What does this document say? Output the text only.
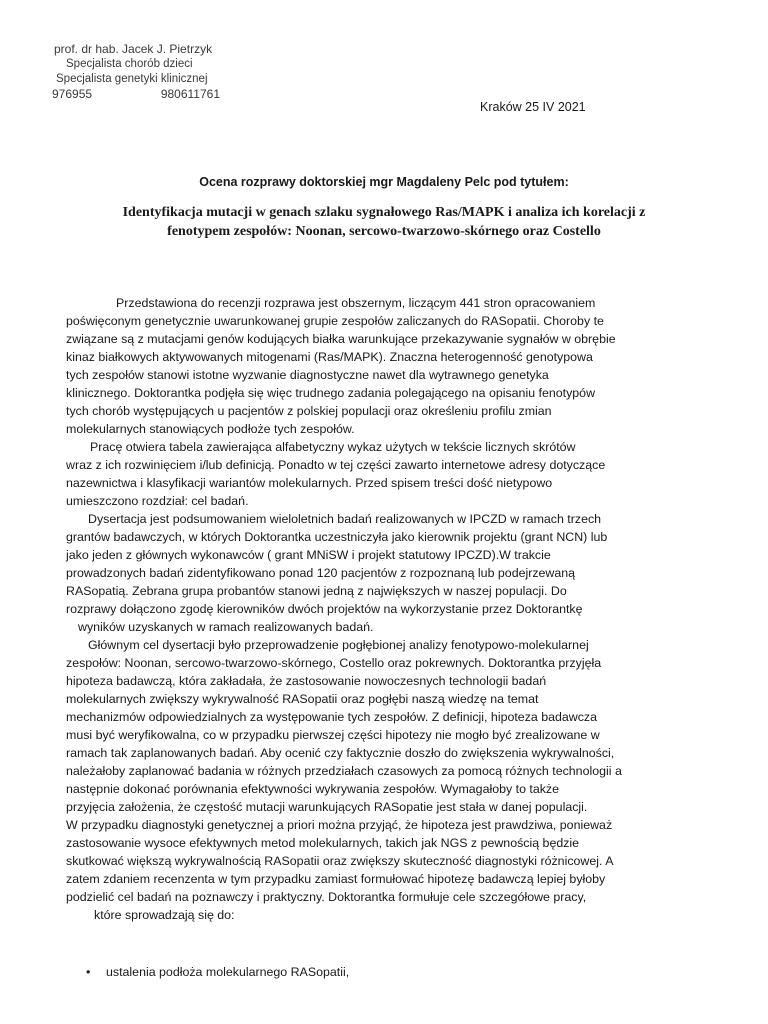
prof. dr hab. Jacek J. Pietrzyk
Specjalista chorób dzieci
Specjalista genetyki klinicznej
976955	980611761
Kraków 25 IV 2021
Ocena rozprawy doktorskiej mgr Magdaleny Pelc pod tytułem:
Identyfikacja mutacji w genach szlaku sygnałowego Ras/MAPK i analiza ich korelacji z
fenotypem zespołów: Noonan, sercowo-twarzowo-skórnego oraz Costello
Przedstawiona do recenzji rozprawa jest obszernym, liczącym 441 stron opracowaniem
poświęconym genetycznie uwarunkowanej grupie zespołów zaliczanych do RASopatii. Choroby te
związane są z mutacjami genów kodujących białka warunkujące przekazywanie sygnałów w obrębie
kinaz białkowych aktywowanych mitogenami (Ras/MAPK). Znaczna heterogenność genotypowa
tych zespołów stanowi istotne wyzwanie diagnostyczne nawet dla wytrawnego genetyka
klinicznego. Doktorantka podjęła się więc trudnego zadania polegającego na opisaniu fenotypów
tych chorób występujących u pacjentów z polskiej populacji oraz określeniu profilu zmian
molekularnych stanowiących podłoże tych zespołów.
Pracę otwiera tabela zawierająca alfabetyczny wykaz użytych w tekście licznych skrótów
wraz z ich rozwinięciem i/lub definicją. Ponadto w tej części zawarto internetowe adresy dotyczące
nazewnictwa i klasyfikacji wariantów molekularnych. Przed spisem treści dość nietypowo
umieszczono rozdział: cel badań.
Dysertacja jest podsumowaniem wieloletnich badań realizowanych w IPCZD w ramach trzech
grantów badawczych, w których Doktorantka uczestniczyła jako kierownik projektu (grant NCN) lub
jako jeden z głównych wykonawców ( grant MNiSW i projekt statutowy IPCZD).W trakcie
prowadzonych badań zidentyfikowano ponad 120 pacjentów z rozpoznaną lub podejrzewaną
RASopatią. Zebrana grupa probantów stanowi jedną z największych w naszej populacji. Do
rozprawy dołączono zgodę kierowników dwóch projektów na wykorzystanie przez Doktorantkę
wyników uzyskanych w ramach realizowanych badań.
Głównym cel dysertacji było przeprowadzenie pogłębionej analizy fenotypowo-molekularnej
zespołów: Noonan, sercowo-twarzowo-skórnego, Costello oraz pokrewnych. Doktorantka przyjęła
hipoteza badawczą, która zakładała, że zastosowanie nowoczesnych technologii badań
molekularnych zwiększy wykrywalność RASopatii oraz pogłębi naszą wiedzę na temat
mechanizmów odpowiedzialnych za występowanie tych zespołów. Z definicji, hipoteza badawcza
musi być weryfikowalna, co w przypadku pierwszej części hipotezy nie mogło być zrealizowane w
ramach tak zaplanowanych badań. Aby ocenić czy faktycznie doszło do zwiększenia wykrywalności,
należałoby zaplanować badania w różnych przedziałach czasowych za pomocą różnych technologii a
następnie dokonać porównania efektywności wykrywania zespołów. Wymagałoby to także
przyjęcia założenia, że częstość mutacji warunkujących RASopatie jest stała w danej populacji.
W przypadku diagnostyki genetycznej a priori można przyjąć, że hipoteza jest prawdziwa, ponieważ
zastosowanie wysoce efektywnych metod molekularnych, takich jak NGS z pewnością będzie
skutkować większą wykrywalnością RASopatii oraz zwiększy skuteczność diagnostyki różnicowej. A
zatem zdaniem recenzenta w tym przypadku zamiast formułować hipotezę badawczą lepiej byłoby
podzielić cel badań na poznawczy i praktyczny. Doktorantka formułuje cele szczegółowe pracy,
które sprowadzają się do:
• ustalenia podłoża molekularnego RASopatii,
